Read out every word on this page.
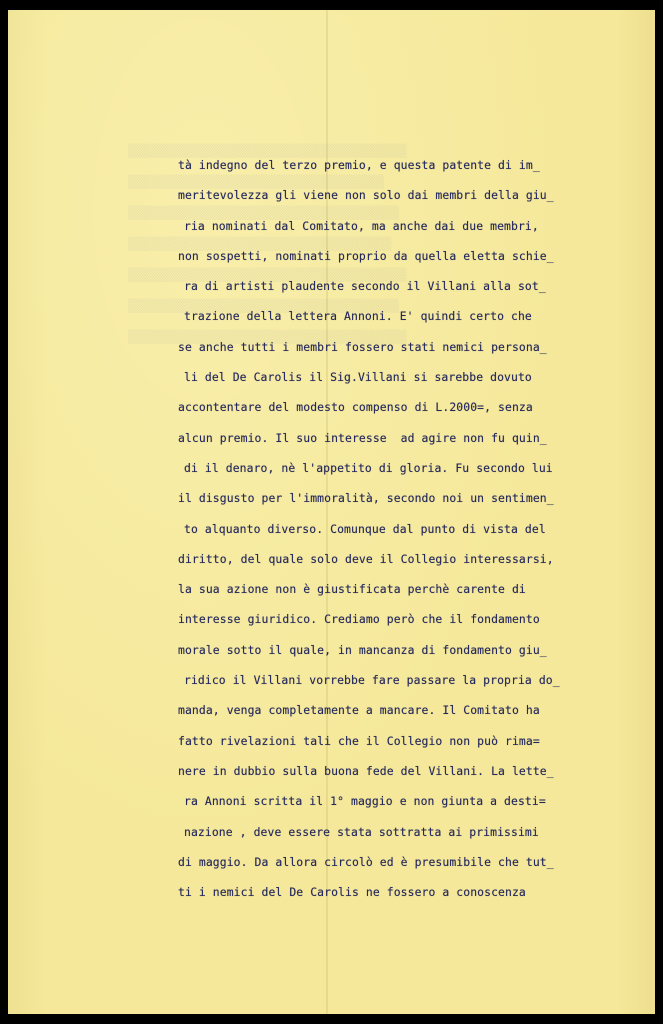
▒▒▒▒▒▒▒▒▒▒▒▒▒▒▒▒▒▒▒▒▒▒▒▒▒▒▒▒▒▒▒▒▒▒▒▒▒
▒▒▒▒▒▒▒▒▒▒▒▒▒▒▒▒▒▒▒▒▒▒▒▒▒▒▒▒▒▒▒▒▒▒
▒▒▒▒▒▒▒▒▒▒▒▒▒▒▒▒▒▒▒▒▒▒▒▒▒▒▒▒▒▒▒▒▒▒▒▒
▒▒▒▒▒▒▒▒▒▒▒▒▒▒▒▒▒▒▒▒▒▒▒▒▒▒▒▒▒▒▒▒▒▒▒
▒▒▒▒▒▒▒▒▒▒▒▒▒▒▒▒▒▒▒▒▒▒▒▒▒▒▒▒▒▒▒▒▒▒▒▒▒
▒▒▒▒▒▒▒▒▒▒▒▒▒▒▒▒▒▒▒▒▒▒▒▒▒▒▒▒▒▒▒▒▒▒▒▒
▒▒▒▒▒▒▒▒▒▒▒▒▒▒▒▒▒▒▒▒▒▒▒▒▒▒▒▒▒▒▒▒▒▒▒▒▒
tà indegno del terzo premio, e questa patente di im_
meritevolezza gli viene non solo dai membri della giu_
ria nominati dal Comitato, ma anche dai due membri,
non sospetti, nominati proprio da quella eletta schie_
ra di artisti plaudente secondo il Villani alla sot_
trazione della lettera Annoni. E' quindi certo che
se anche tutti i membri fossero stati nemici persona_
li del De Carolis il Sig.Villani si sarebbe dovuto
accontentare del modesto compenso di L.2000=, senza
alcun premio. Il suo interesse  ad agire non fu quin_
di il denaro, nè l'appetito di gloria. Fu secondo lui
il disgusto per l'immoralità, secondo noi un sentimen_
to alquanto diverso. Comunque dal punto di vista del
diritto, del quale solo deve il Collegio interessarsi,
la sua azione non è giustificata perchè carente di
interesse giuridico. Crediamo però che il fondamento
morale sotto il quale, in mancanza di fondamento giu_
ridico il Villani vorrebbe fare passare la propria do_
manda, venga completamente a mancare. Il Comitato ha
fatto rivelazioni tali che il Collegio non può rima=
nere in dubbio sulla buona fede del Villani. La lette_
ra Annoni scritta il 1° maggio e non giunta a desti=
nazione , deve essere stata sottratta ai primissimi
di maggio. Da allora circolò ed è presumibile che tut_
ti i nemici del De Carolis ne fossero a conoscenza
